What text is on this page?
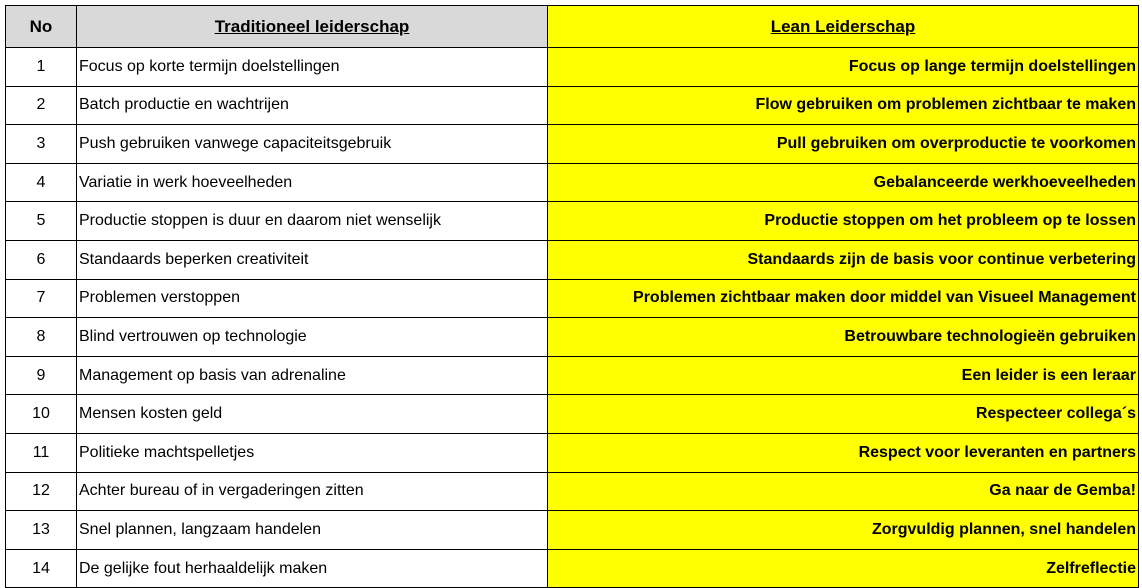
No	Traditioneel leiderschap	Lean Leiderschap
1	Focus op korte termijn doelstellingen	Focus op lange termijn doelstellingen
2	Batch productie en wachtrijen	Flow gebruiken om problemen zichtbaar te maken
3	Push gebruiken vanwege capaciteitsgebruik	Pull gebruiken om overproductie te voorkomen
4	Variatie in werk hoeveelheden	Gebalanceerde werkhoeveelheden
5	Productie stoppen is duur en daarom niet wenselijk	Productie stoppen om het probleem op te lossen
6	Standaards beperken creativiteit	Standaards zijn de basis voor continue verbetering
7	Problemen verstoppen	Problemen zichtbaar maken door middel van Visueel Management
8	Blind vertrouwen op technologie	Betrouwbare technologieën gebruiken
9	Management op basis van adrenaline	Een leider is een leraar
10	Mensen kosten geld	Respecteer collega´s
11	Politieke machtspelletjes	Respect voor leveranten en partners
12	Achter bureau of in vergaderingen zitten	Ga naar de Gemba!
13	Snel plannen, langzaam handelen	Zorgvuldig plannen, snel handelen
14	De gelijke fout herhaaldelijk maken	Zelfreflectie
